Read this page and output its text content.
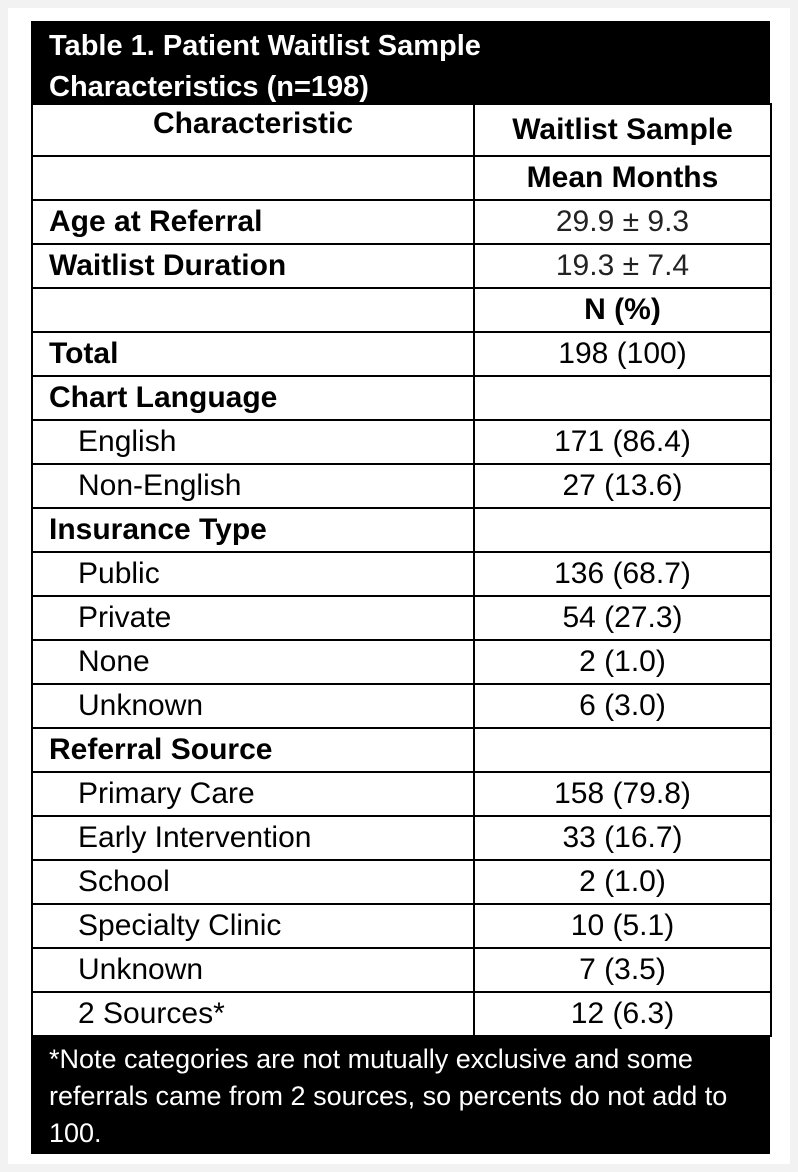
Table 1. Patient Waitlist Sample
Characteristics (n=198)
Characteristic	Waitlist Sample
	Mean Months
Age at Referral	29.9 ± 9.3
Waitlist Duration	19.3 ± 7.4
	N (%)
Total	198 (100)
Chart Language	
English	171 (86.4)
Non-English	27 (13.6)
Insurance Type	
Public	136 (68.7)
Private	54 (27.3)
None	2 (1.0)
Unknown	6 (3.0)
Referral Source	
Primary Care	158 (79.8)
Early Intervention	33 (16.7)
School	2 (1.0)
Specialty Clinic	10 (5.1)
Unknown	7 (3.5)
2 Sources*	12 (6.3)
*Note categories are not mutually exclusive and some referrals came from 2 sources, so percents do not add to 100.
